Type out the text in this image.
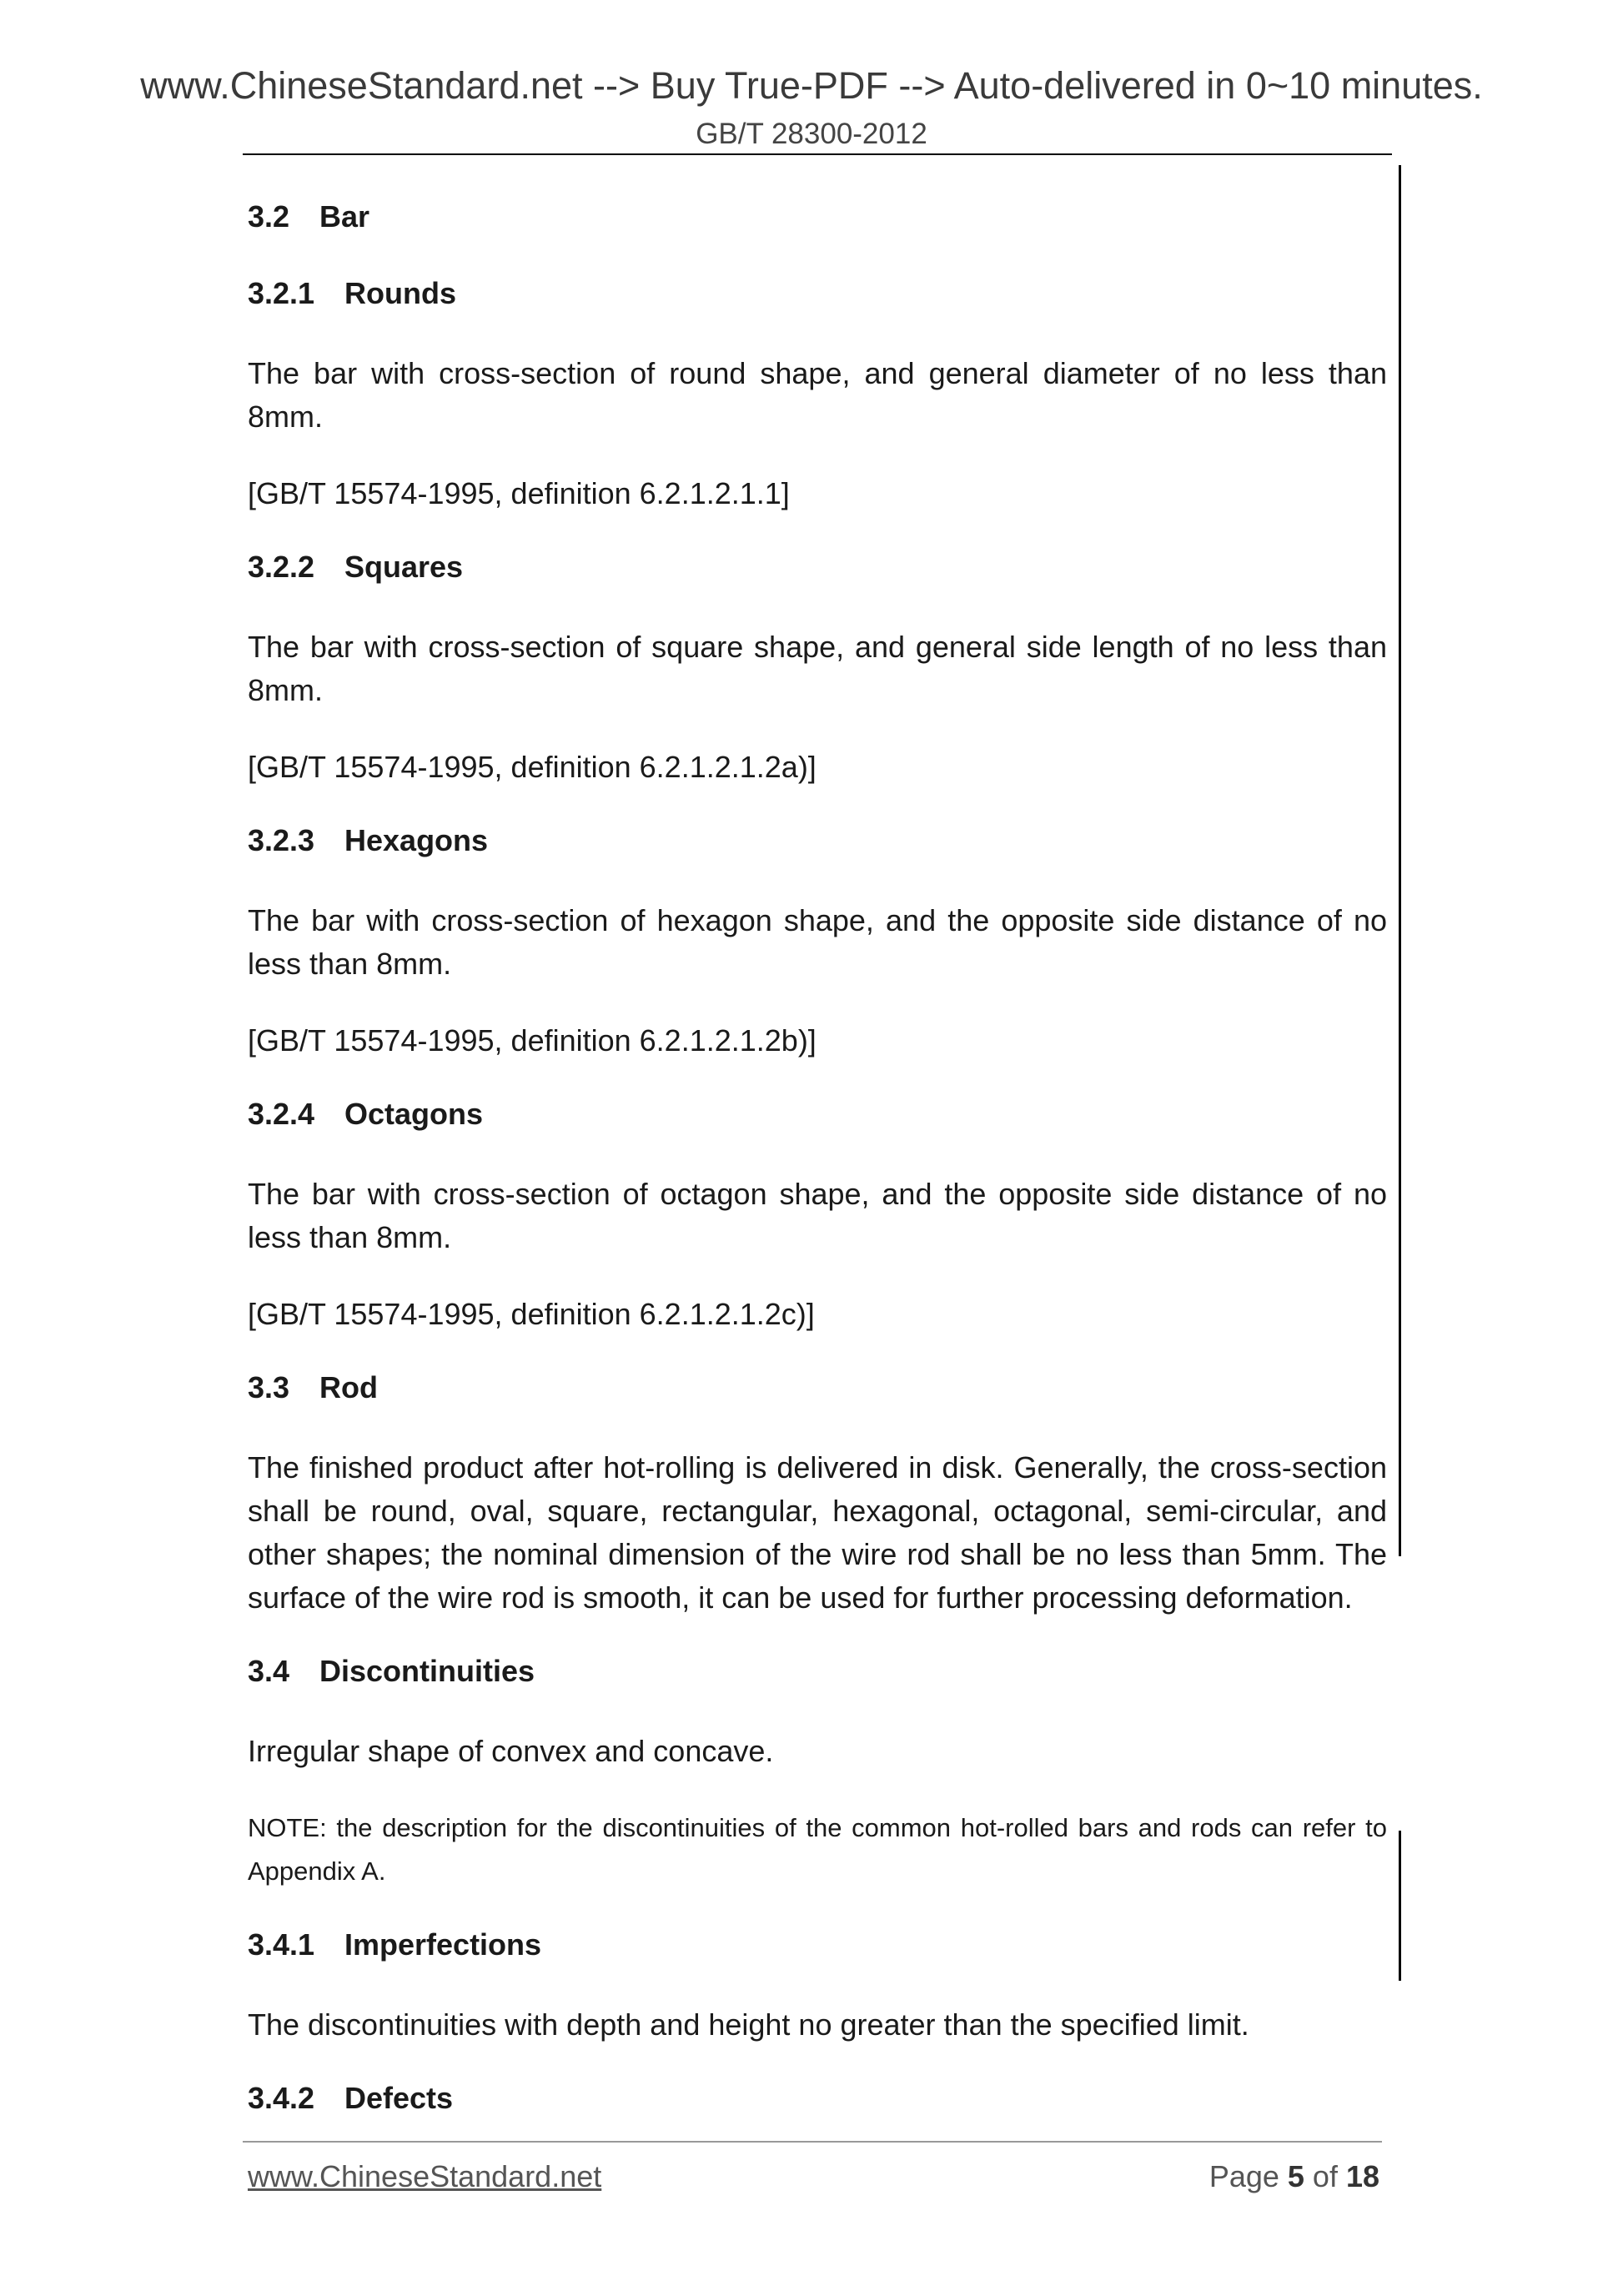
www.ChineseStandard.net --> Buy True-PDF --> Auto-delivered in 0~10 minutes.
GB/T 28300-2012
3.2 Bar
3.2.1 Rounds
The bar with cross-section of round shape, and general diameter of no less than 8mm.
[GB/T 15574-1995, definition 6.2.1.2.1.1]
3.2.2 Squares
The bar with cross-section of square shape, and general side length of no less than 8mm.
[GB/T 15574-1995, definition 6.2.1.2.1.2a)]
3.2.3 Hexagons
The bar with cross-section of hexagon shape, and the opposite side distance of no less than 8mm.
[GB/T 15574-1995, definition 6.2.1.2.1.2b)]
3.2.4 Octagons
The bar with cross-section of octagon shape, and the opposite side distance of no less than 8mm.
[GB/T 15574-1995, definition 6.2.1.2.1.2c)]
3.3 Rod
The finished product after hot-rolling is delivered in disk. Generally, the cross-section shall be round, oval, square, rectangular, hexagonal, octagonal, semi-circular, and other shapes; the nominal dimension of the wire rod shall be no less than 5mm. The surface of the wire rod is smooth, it can be used for further processing deformation.
3.4 Discontinuities
Irregular shape of convex and concave.
NOTE: the description for the discontinuities of the common hot-rolled bars and rods can refer to Appendix A.
3.4.1 Imperfections
The discontinuities with depth and height no greater than the specified limit.
3.4.2 Defects
www.ChineseStandard.net	Page 5 of 18
